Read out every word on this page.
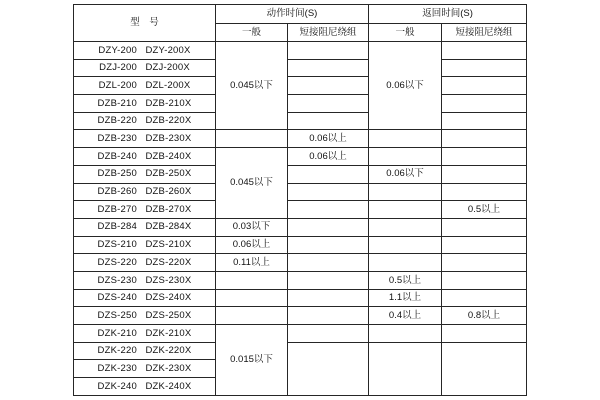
型　号	动作时间(S)		返回时间(S)	
	一般	短接阻尼绕组	一般	短接阻尼绕组
DZY-200   DZY-200X	0.045以下		0.06以下	
DZJ-200   DZJ-200X				
DZL-200   DZL-200X				
DZB-210   DZB-210X				
DZB-220   DZB-220X				
DZB-230   DZB-230X		0.06以上		
DZB-240   DZB-240X	0.045以下	0.06以上		
DZB-250   DZB-250X			0.06以下	
DZB-260   DZB-260X				
DZB-270   DZB-270X				0.5以上
DZB-284   DZB-284X	0.03以下			
DZS-210   DZS-210X	0.06以上			
DZS-220   DZS-220X	0.11以上			
DZS-230   DZS-230X			0.5以上	
DZS-240   DZS-240X			1.1以上	
DZS-250   DZS-250X			0.4以上	0.8以上
DZK-210   DZK-210X	0.015以下			
DZK-220   DZK-220X				
DZK-230   DZK-230X				
DZK-240   DZK-240X				
